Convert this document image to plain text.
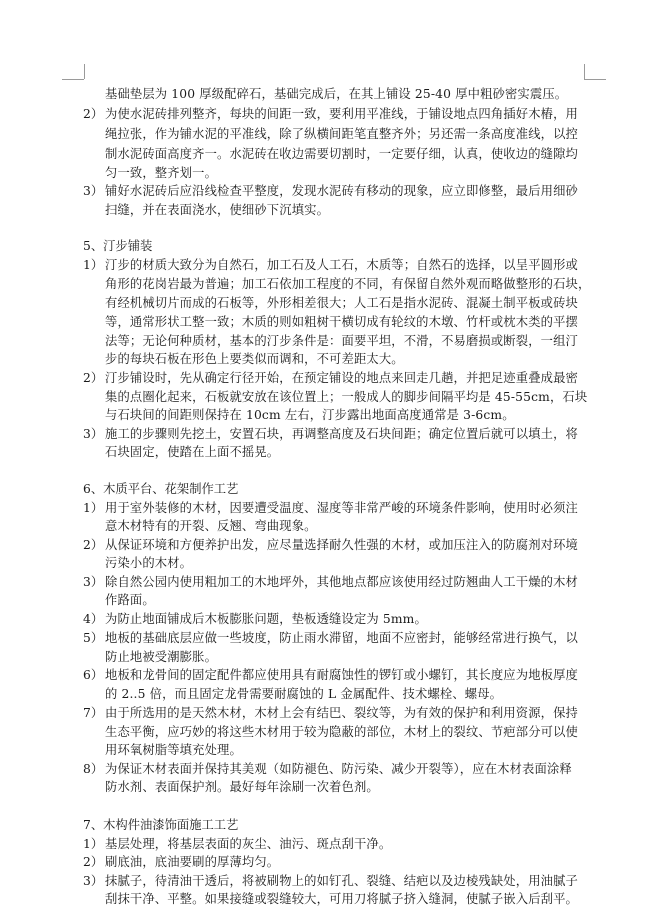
基础垫层为 100 厚级配碎石，基础完成后，在其上铺设 25-40 厚中粗砂密实震压。
2） 为使水泥砖排列整齐，每块的间距一致，要利用平准线，于铺设地点四角插好木樁，用
绳拉张，作为铺水泥的平准线，除了纵横间距笔直整齐外；另还需一条高度准线，以控
制水泥砖面高度齐一。水泥砖在收边需要切割时，一定要仔细，认真，使收边的缝隙均
匀一致，整齐划一。
3） 铺好水泥砖后应沿线检查平整度，发现水泥砖有移动的现象，应立即修整，最后用细砂
扫缝，并在表面浇水，使细砂下沉填实。
5、汀步铺装
1） 汀步的材质大致分为自然石，加工石及人工石，木质等；自然石的选择，以呈平圆形或
角形的花岗岩最为普遍；加工石依加工程度的不同，有保留自然外观而略做整形的石块，
有经机械切片而成的石板等，外形相差很大；人工石是指水泥砖、混凝土制平板或砖块
等，通常形状工整一致；木质的则如粗树干横切成有轮纹的木墩、竹杆或枕木类的平摆
法等；无论何种质材，基本的汀步条件是：面要平坦，不滑，不易磨损或断裂，一组汀
步的每块石板在形色上要类似而调和，不可差距太大。
2） 汀步铺设时，先从确定行径开始，在预定铺设的地点来回走几趟，并把足迹重叠成最密
集的点圈化起来，石板就安放在该位置上；一般成人的脚步间隔平均是 45-55cm，石块
与石块间的间距则保持在 10cm 左右，汀步露出地面高度通常是 3-6cm。
3） 施工的步骤则先挖土，安置石块，再调整高度及石块间距；确定位置后就可以填土，将
石块固定，使踏在上面不摇晃。
6、木质平台、花架制作工艺
1） 用于室外装修的木材，因要遭受温度、湿度等非常严峻的环境条件影响，使用时必须注
意木材特有的开裂、反翘、弯曲现象。
2） 从保证环境和方便养护出发，应尽量选择耐久性强的木材，或加压注入的防腐剂对环境
污染小的木材。
3） 除自然公园内使用粗加工的木地坪外，其他地点都应该使用经过防翘曲人工干燥的木材
作路面。
4） 为防止地面铺成后木板膨胀问题，垫板透缝设定为 5mm。
5） 地板的基础底层应做一些坡度，防止雨水滞留，地面不应密封，能够经常进行换气，以
防止地被受潮膨胀。
6） 地板和龙骨间的固定配件都应使用具有耐腐蚀性的锣钉或小螺钉，其长度应为地板厚度
的 2..5 倍，而且固定龙骨需要耐腐蚀的 L 金属配件、技术螺栓、螺母。
7） 由于所选用的是天然木材，木材上会有结巴、裂纹等，为有效的保护和利用资源，保持
生态平衡，应巧妙的将这些木材用于较为隐蔽的部位，木材上的裂纹、节疤部分可以使
用环氧树脂等填充处理。
8） 为保证木材表面并保持其美观（如防褪色、防污染、减少开裂等），应在木材表面涂释
防水剂、表面保护剂。最好每年涂刷一次着色剂。
7、木构件油漆饰面施工工艺
1） 基层处理，将基层表面的灰尘、油污、斑点刮干净。
2） 刷底油，底油要刷的厚薄均匀。
3） 抹腻子，待清油干透后，将被刷物上的如钉孔、裂缝、结疤以及边棱残缺处，用油腻子
刮抹干净、平整。如果接缝或裂缝较大，可用刀将腻子挤入缝洞，使腻子嵌入后刮平。
